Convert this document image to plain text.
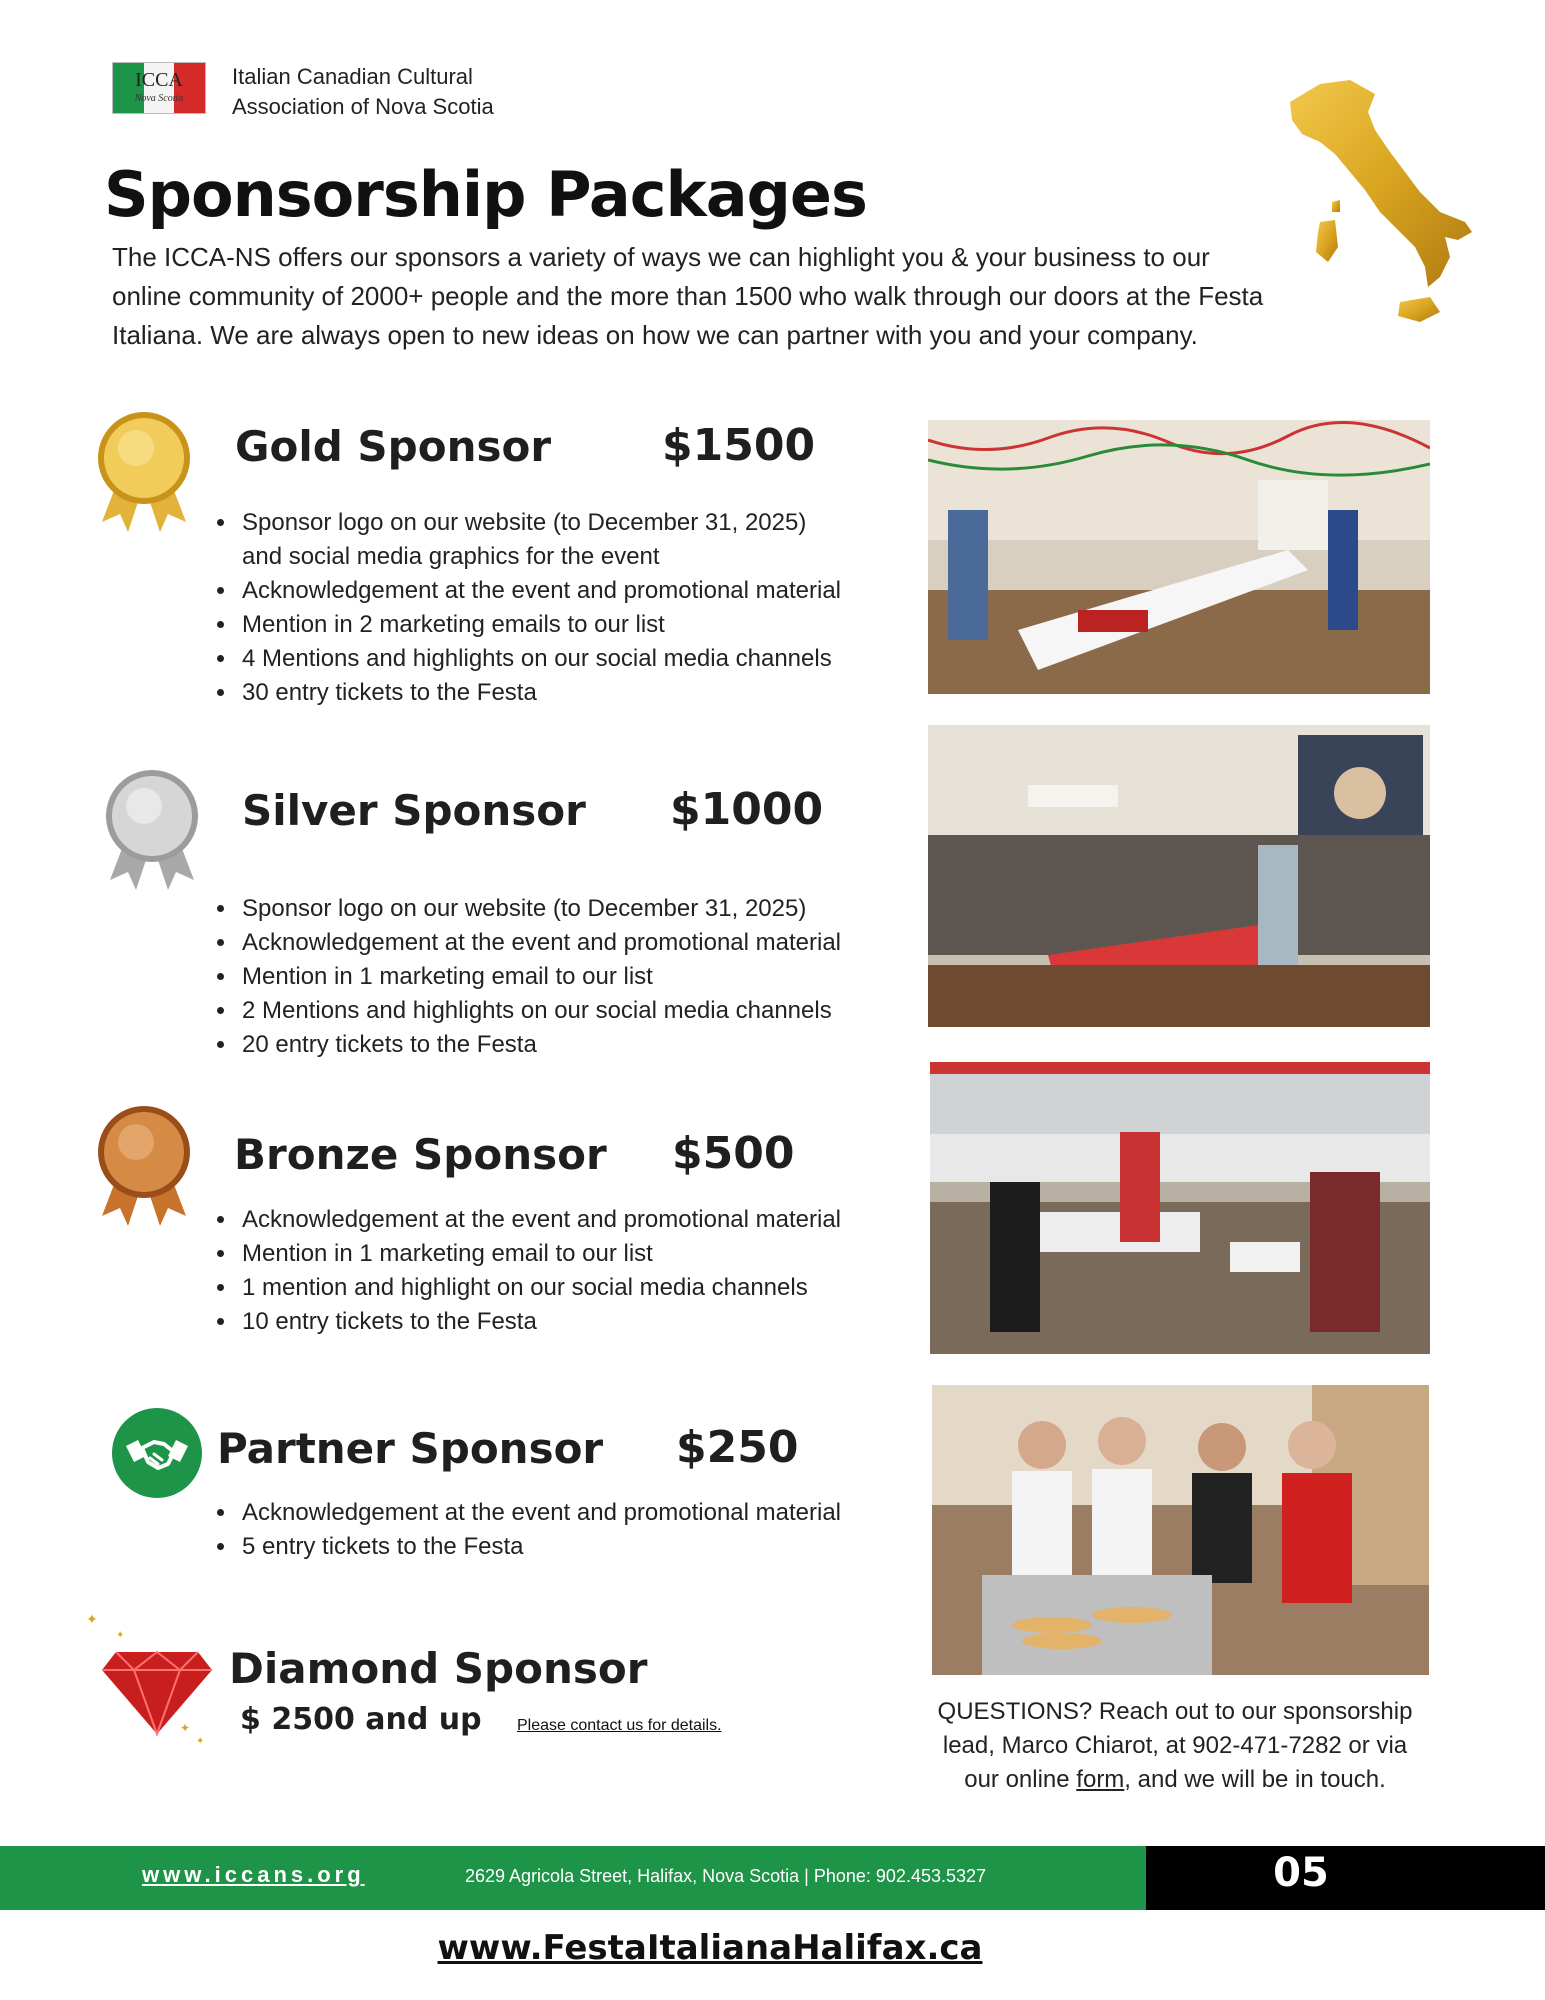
ICCA
Nova Scotia
Italian Canadian Cultural
Association of Nova Scotia
Sponsorship Packages
The ICCA-NS offers our sponsors a variety of ways we can highlight you & your business to our
online community of 2000+ people and the more than 1500 who walk through our doors at the Festa
Italiana. We are always open to new ideas on how we can partner with you and your company.
Gold Sponsor	$1500
• Sponsor logo on our website (to December 31, 2025)
and social media graphics for the event
• Acknowledgement at the event and promotional material
• Mention in 2 marketing emails to our list
• 4 Mentions and highlights on our social media channels
• 30 entry tickets to the Festa
Silver Sponsor $1000
• Sponsor logo on our website (to December 31, 2025)
• Acknowledgement at the event and promotional material
• Mention in 1 marketing email to our list
• 2 Mentions and highlights on our social media channels
• 20 entry tickets to the Festa
Bronze Sponsor $500
• Acknowledgement at the event and promotional material
• Mention in 1 marketing email to our list
• 1 mention and highlight on our social media channels
• 10 entry tickets to the Festa
Partner Sponsor $250
• Acknowledgement at the event and promotional material
• 5 entry tickets to the Festa
✦
✦
✦
✦
Diamond Sponsor
$ 2500 and up Please contact us for details.
QUESTIONS? Reach out to our sponsorship
lead, Marco Chiarot, at 902-471-7282 or via
our online form, and we will be in touch.
www.iccans.org	2629 Agricola Street, Halifax, Nova Scotia | Phone: 902.453.5327	05
www.FestaItalianaHalifax.ca
